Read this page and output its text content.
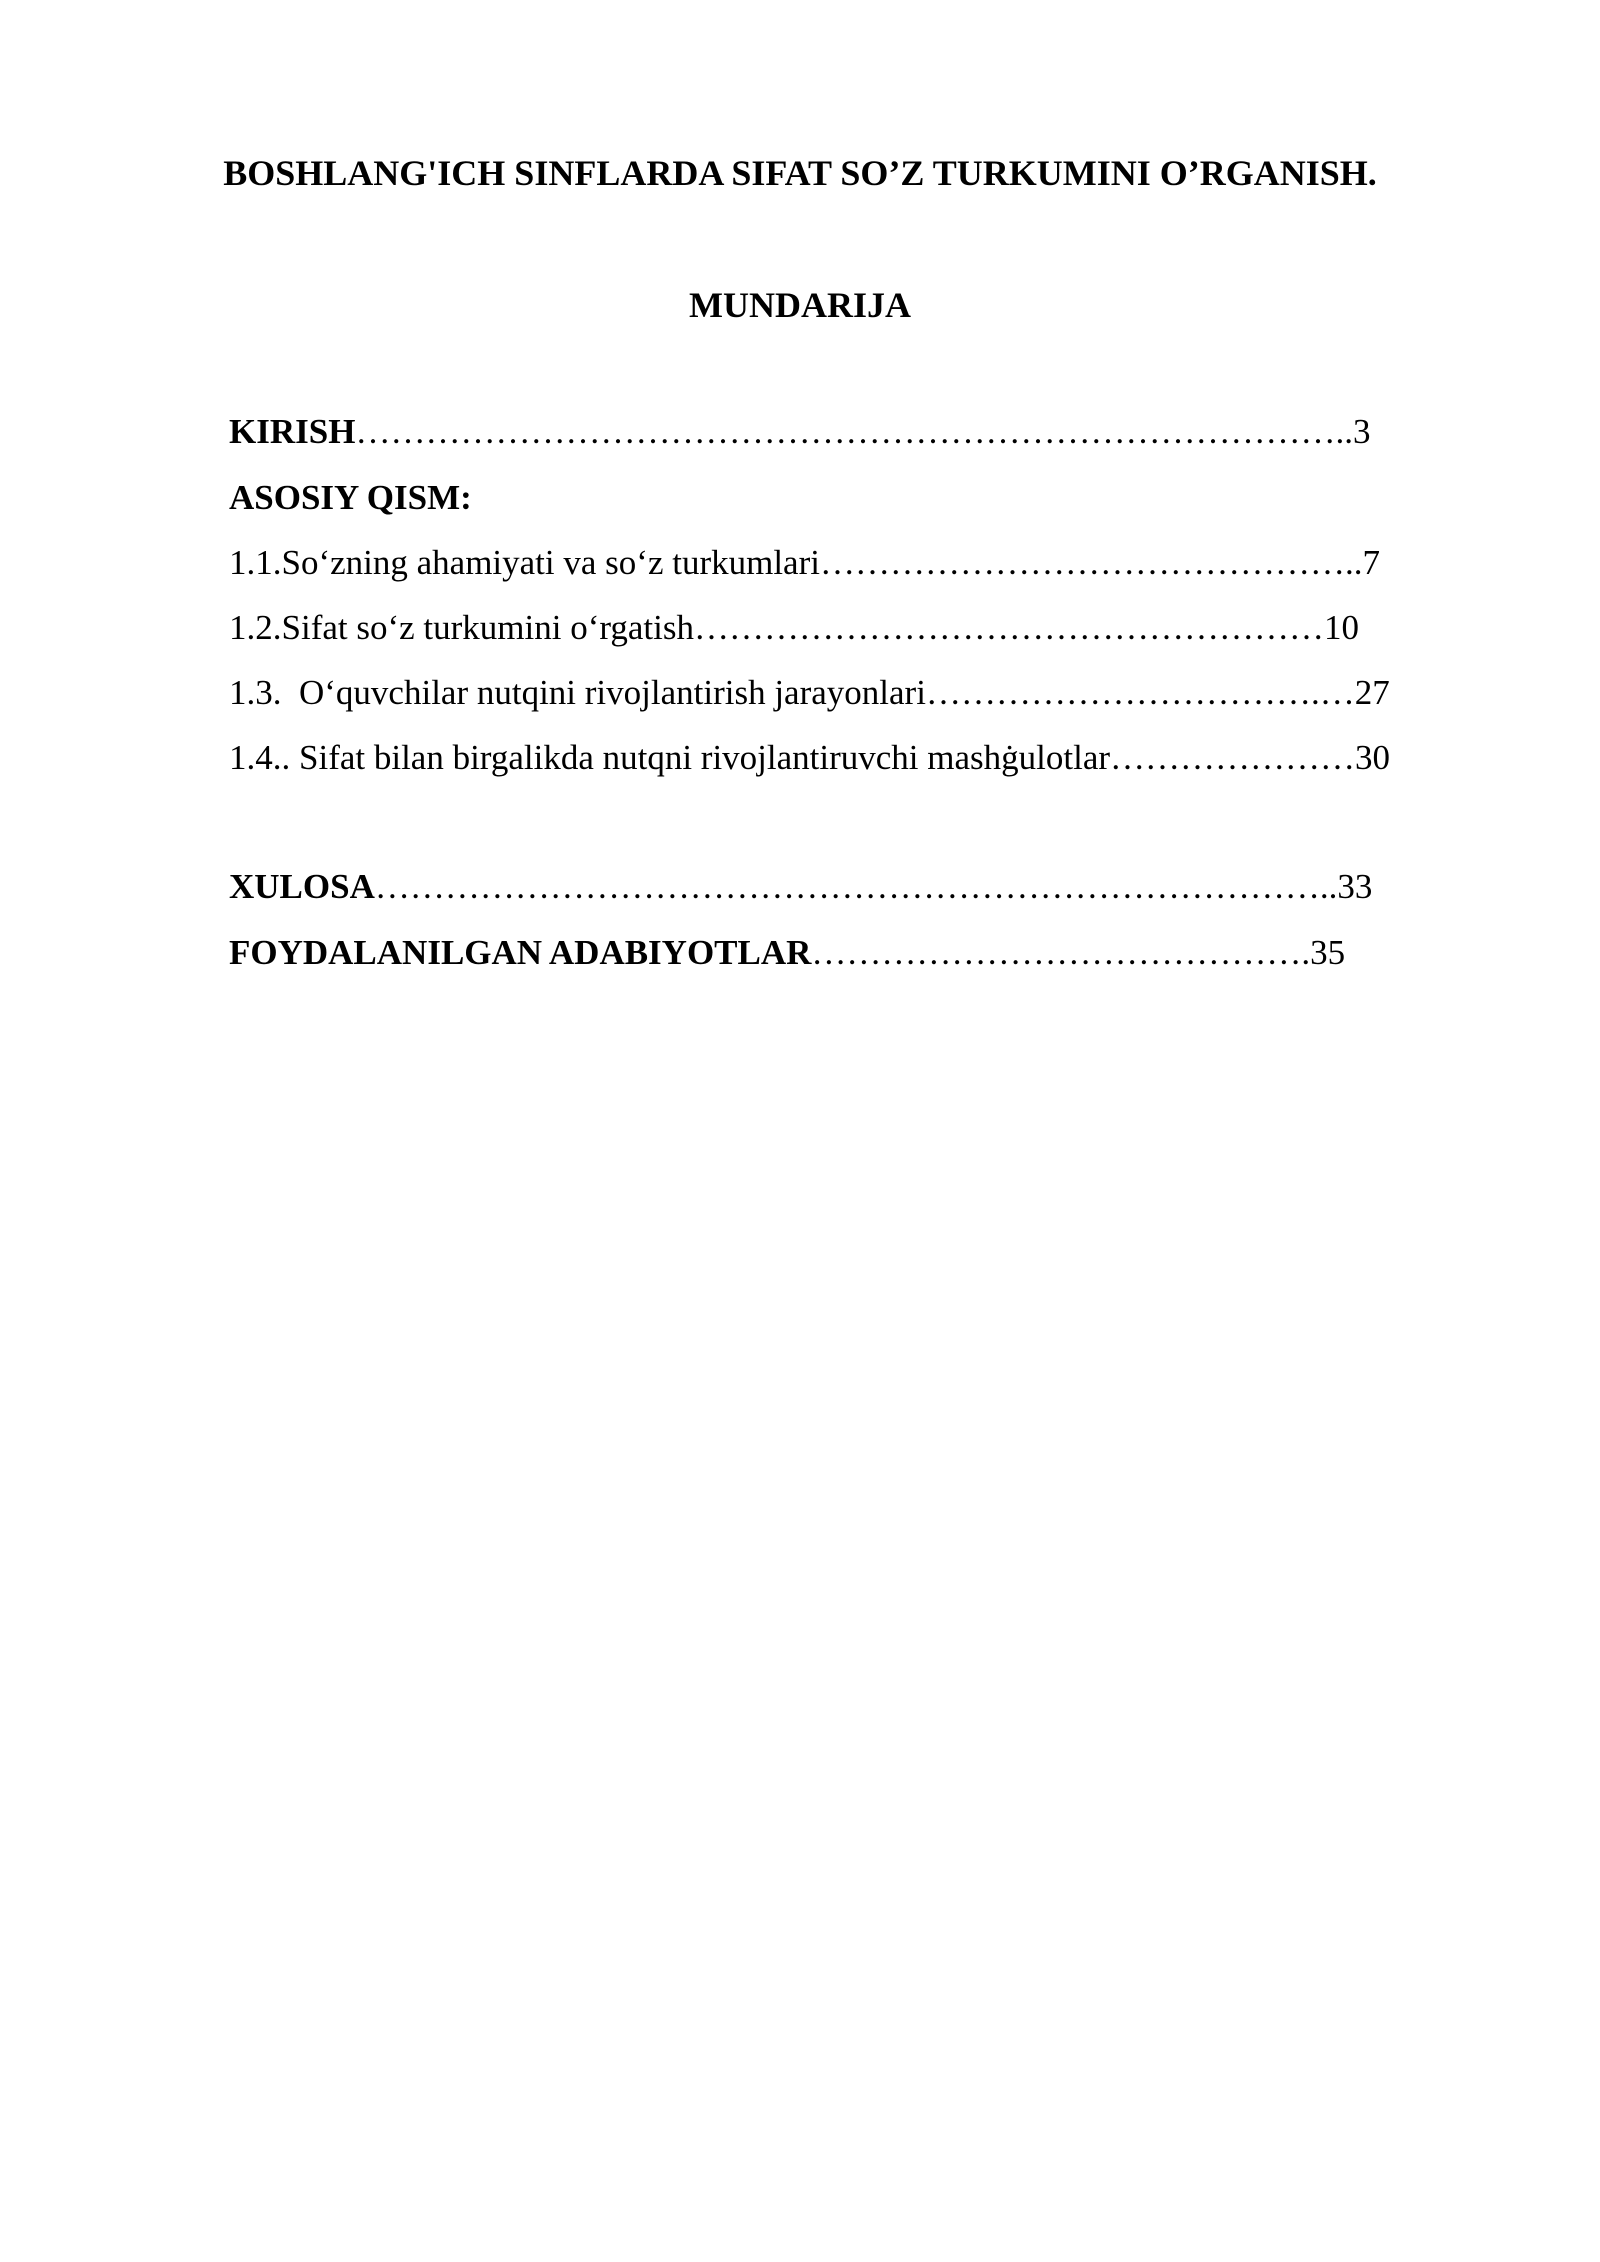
BOSHLANG'ICH SINFLARDA SIFAT SO’Z TURKUMINI O’RGANISH.
MUNDARIJA
KIRISH…………………………………………………………………………..3
ASOSIY QISM:
1.1.So‘zning ahamiyati va so‘z turkumlari………………………………………..7
1.2.Sifat so‘z turkumini o‘rgatish………………………………………………10
1.3.  O‘quvchilar nutqini rivojlantirish jarayonlari…………………………….…27
1.4.. Sifat bilan birgalikda nutqni rivojlantiruvchi mashġulotlar…………………30
XULOSA………………………………………………………………………..33
FOYDALANILGAN ADABIYOTLAR…………………………………….35
